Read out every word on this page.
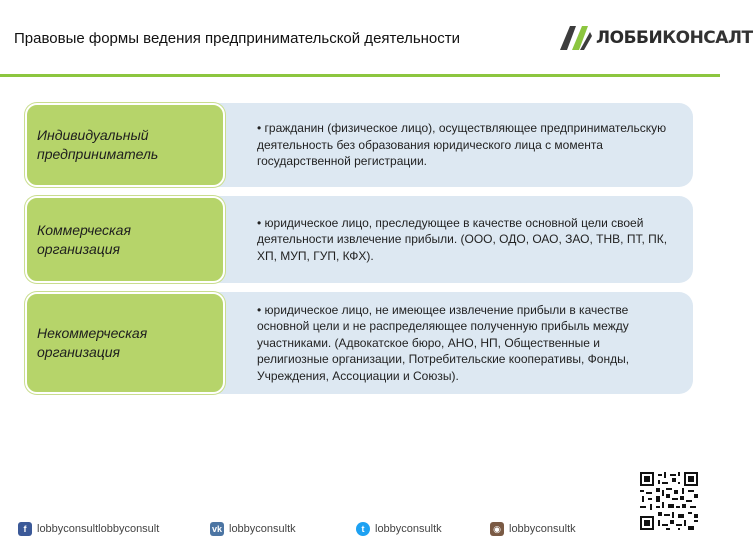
Правовые формы ведения предпринимательской деятельности	ЛОББИКОНСАЛТ
Индивидуальный предприниматель
• гражданин (физическое лицо), осуществляющее предпринимательскую деятельность без образования юридического лица с момента государственной регистрации.
Коммерческая организация
• юридическое лицо, преследующее в качестве основной цели своей деятельности извлечение прибыли. (ООО, ОДО, ОАО, ЗАО, ТНВ, ПТ, ПК, ХП, МУП, ГУП, КФХ).
Некоммерческая организация
• юридическое лицо, не имеющее извлечение прибыли в качестве основной цели и не распределяющее полученную прибыль между участниками. (Адвокатское бюро, АНО, НП, Общественные и религиозные организации, Потребительские кооперативы, Фонды, Учреждения, Ассоциации и Союзы).
f lobbyconsultlobbyconsult	vk lobbyconsultk	t lobbyconsultk	◉ lobbyconsultk
